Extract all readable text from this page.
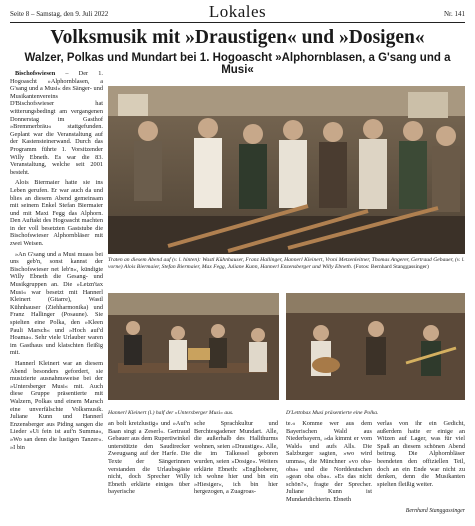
Seite 8 – Samstag, den 9. Juli 2022	Lokales	Nr. 141
Volksmusik mit »Draustigen« und »Dosigen«
Walzer, Polkas und Mundart bei 1. Hogoascht »Alphornblasen, a G'sang und a Musi«

Bischofswiesen – Der 1. Hogoascht »Alphornblasen, a G'sang und a Musi« des Sänger- und Musikantenvereins D'Bischofswieser hat witterungsbedingt am vergangenen Donnerstag im Gasthof »Bremmerbräu« stattgefunden. Geplant war die Veranstaltung auf der Kastensteinerwand. Durch das Programm führte 1. Vorsitzender Willy Ebneth. Es war die 83. Veranstaltung, welche seit 2001 besteht.

Alois Biermaier hatte sie ins Leben gerufen. Er war auch da und blies an diesem Abend gemeinsam mit seinem Enkel Stefan Biermaier und mit Maxi Fegg das Alphorn. Den Auftakt des Hogoascht machten in der voll besetzten Gaststube die Bischofswieser Alphornbläser mit zwei Weisen.

»An G'sang und a Musi muass bei uns geb'n, sonst kannst der Bischofswieser net leb'n«, kündigte Willy Ebneth die Gesang- und Musikgruppen an. Die »Letzn'tax Musi« war besetzt mit Hannerl Kleinert (Gitarre), Wastl Kühnhauser (Ziehharmonika) und Franz Hallinger (Posaune). Sie spielten eine Polka, den »Kleen Pauli Marsch« und »Hoch auf'd Hoama«. Sehr viele Urlauber waren im Gasthaus und klatschten fleißig mit.

Hannerl Kleinert war an diesem Abend besonders gefordert, sie musizierte ausnahmsweise bei der »Untersberger Musi« mit. Auch diese Gruppe präsentierte mit Walzern, Polkas und einem Marsch eine unverfälschte Volksmusik. Juliane Kunn und Hannerl Enzensberger aus Piding sangen die Lieder »Ui fein ist auf'n Summa«, »Wo san denn die lustigen Tanzer«. »I bin

Traten an diesem Abend auf (v. l. hinten): Wastl Kühnhauser, Franz Hallinger, Hannerl Kleinert, Vroni Metzenleitner, Thomas Angerer, Gertraud Gebauer, (v. l. vorne) Alois Biermaier, Stefan Biermaier, Max Fegg, Juliane Kunn, Hannerl Enzensberger und Willy Ebneth. (Fotos: Bernhard Stanggassinger)
Hannerl Kleinert (l.) half der »Untersberger Musi« aus.	D'Lettnbax Musi präsentierte eine Polka.

an bolt kreizlustig« und »Auf'n Baan singt a Zeserl«. Gertraud Gebauer aus dem Rupertiwinkel unterstützte den Saudirecker Zweugsang auf der Harfe. Die Texte der Sängerinnen verstanden die Urlaubsgäste nicht, doch Sprecher Willy Ebneth erklärte einiges über bayerische

sche Sprachkultur und Berchtesgadener Mundart. Alle, die außerhalb des Hallthurms wohnen, seien »Draustige«. Alle, die im Talkessel geboren wurden, seien »Dosige«. Weiters erklärte Ebneth: »Englhoberer, ich wohne hier und bin ein »Hiesiger«, ich bin hier hergezogen, a Zuagroas-

te.« Komme wer aus dem Bayerischen Wald aus Niederbayern, »da kimmt er vom Wald« und aufs Alls. Die Salzburger sagten, »wo wird umma«, die Münchner »vo oba-oba« und die Norddeutschen »gean oba oba«. »Es das nicht schön?«, fragte der Sprecher. Juliane Kunn ist Mundartdichterin. Ebneth

verlas von ihr ein Gedicht, außerdem hatte er einige an Witzen auf Lager, was für viel Spaß an diesem schönen Abend beitrug. Die Alphornbläser beendeten den offiziellen Teil, doch an ein Ende war nicht zu denken, denn die Musikanten spielten fleißig weiter.

Bernhard Stanggassinger
